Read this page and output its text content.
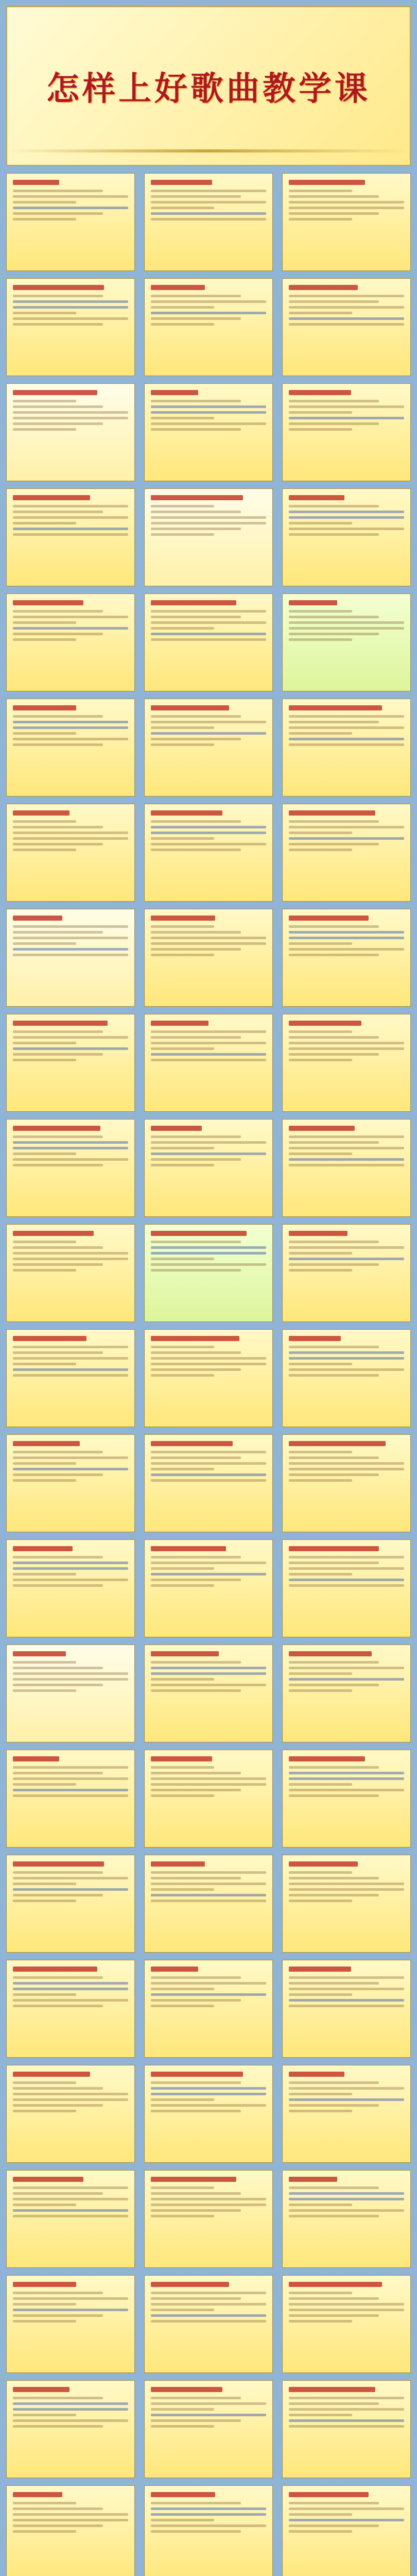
怎样上好歌曲教学课
